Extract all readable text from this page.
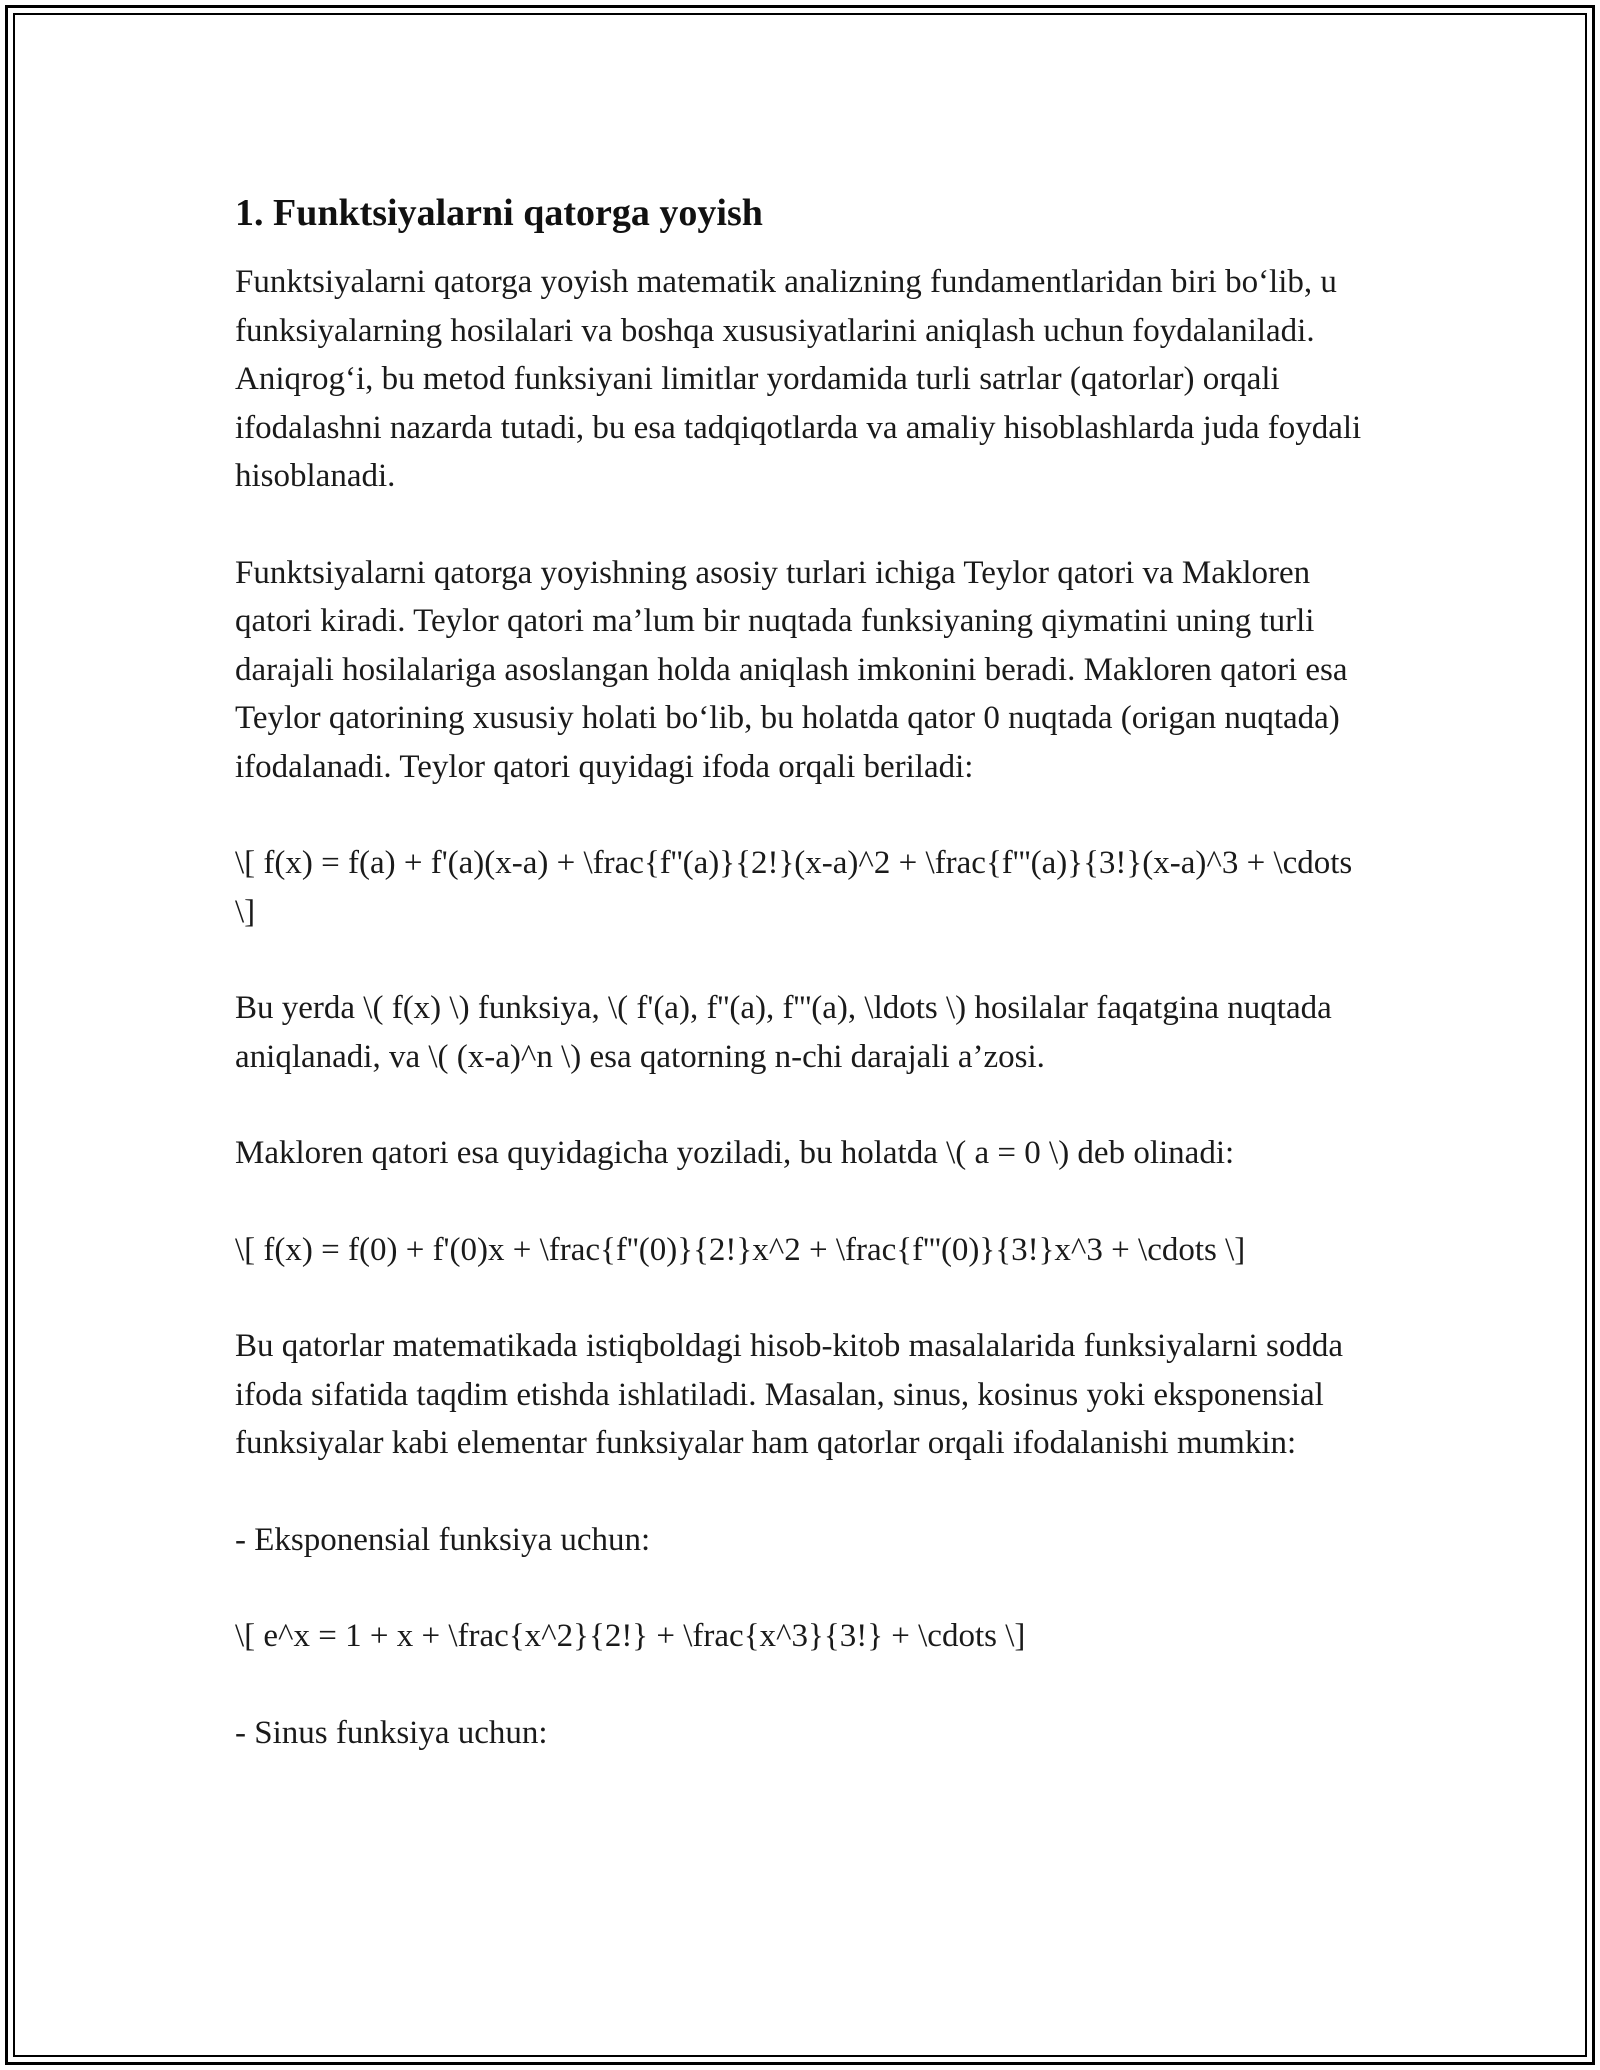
1. Funktsiyalarni qatorga yoyish

Funktsiyalarni qatorga yoyish matematik analizning fundamentlaridan biri bo‘lib, u funksiyalarning hosilalari va boshqa xususiyatlarini aniqlash uchun foydalaniladi. Aniqrog‘i, bu metod funksiyani limitlar yordamida turli satrlar (qatorlar) orqali ifodalashni nazarda tutadi, bu esa tadqiqotlarda va amaliy hisoblashlarda juda foydali hisoblanadi.

Funktsiyalarni qatorga yoyishning asosiy turlari ichiga Teylor qatori va Makloren qatori kiradi. Teylor qatori ma’lum bir nuqtada funksiyaning qiymatini uning turli darajali hosilalariga asoslangan holda aniqlash imkonini beradi. Makloren qatori esa Teylor qatorining xususiy holati bo‘lib, bu holatda qator 0 nuqtada (origan nuqtada) ifodalanadi. Teylor qatori quyidagi ifoda orqali beriladi:

\[ f(x) = f(a) + f'(a)(x-a) + \frac{f''(a)}{2!}(x-a)^2 + \frac{f'''(a)}{3!}(x-a)^3 + \cdots \]

Bu yerda \( f(x) \) funksiya, \( f'(a), f''(a), f'''(a), \ldots \) hosilalar faqatgina nuqtada aniqlanadi, va \( (x-a)^n \) esa qatorning n-chi darajali a’zosi.

Makloren qatori esa quyidagicha yoziladi, bu holatda \( a = 0 \) deb olinadi:

\[ f(x) = f(0) + f'(0)x + \frac{f''(0)}{2!}x^2 + \frac{f'''(0)}{3!}x^3 + \cdots \]

Bu qatorlar matematikada istiqboldagi hisob-kitob masalalarida funksiyalarni sodda ifoda sifatida taqdim etishda ishlatiladi. Masalan, sinus, kosinus yoki eksponensial funksiyalar kabi elementar funksiyalar ham qatorlar orqali ifodalanishi mumkin:

- Eksponensial funksiya uchun:

\[ e^x = 1 + x + \frac{x^2}{2!} + \frac{x^3}{3!} + \cdots \]

- Sinus funksiya uchun:
